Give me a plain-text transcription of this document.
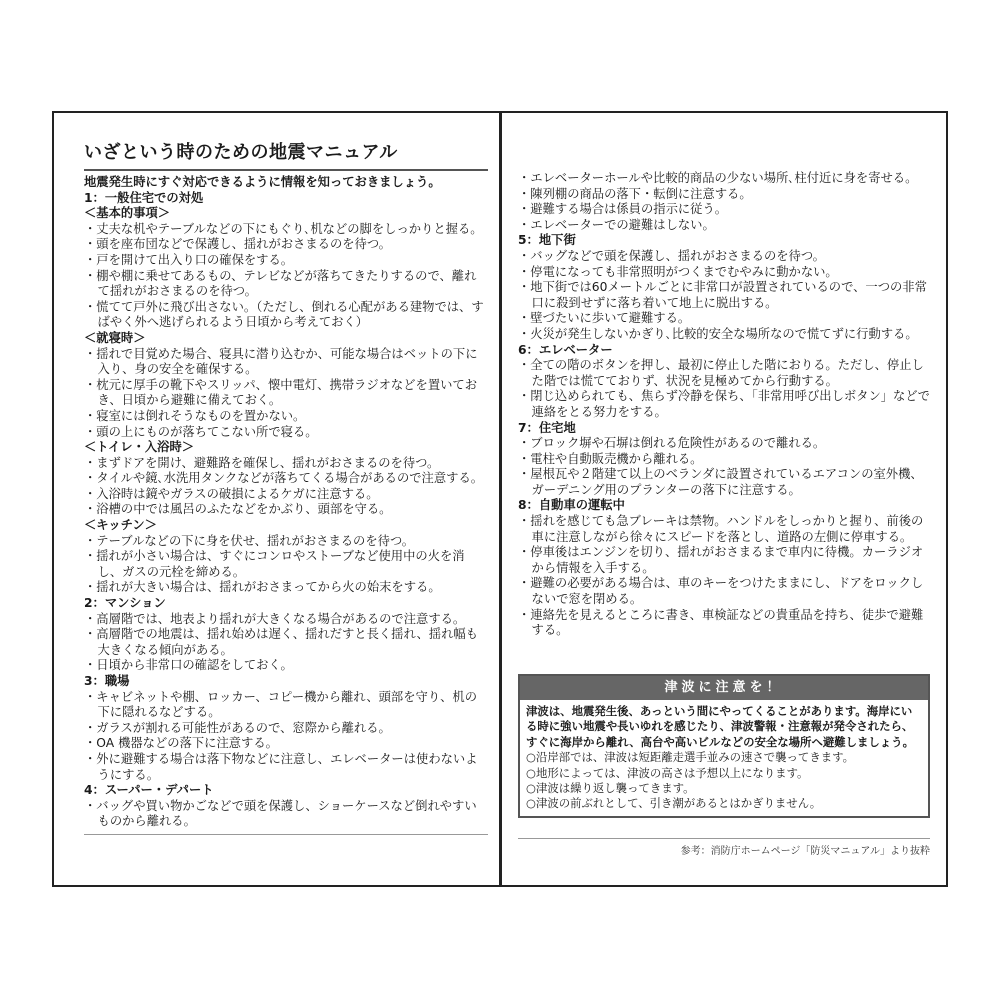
いざという時のための地震マニュアル
地震発生時にすぐ対応できるように情報を知っておきましょう。
1：一般住宅での対処
＜基本的事項＞
・丈夫な机やテーブルなどの下にもぐり､机などの脚をしっかりと握る。
・頭を座布団などで保護し、揺れがおさまるのを待つ。
・戸を開けて出入り口の確保をする。
・棚や棚に乗せてあるもの、テレビなどが落ちてきたりするので、離れて揺れがおさまるのを待つ。
・慌てて戸外に飛び出さない。（ただし、倒れる心配がある建物では、すばやく外へ逃げられるよう日頃から考えておく）
＜就寝時＞
・揺れで目覚めた場合、寝具に潜り込むか、可能な場合はベットの下に入り、身の安全を確保する。
・枕元に厚手の靴下やスリッパ、懐中電灯、携帯ラジオなどを置いておき、日頃から避難に備えておく。
・寝室には倒れそうなものを置かない。
・頭の上にものが落ちてこない所で寝る。
＜トイレ・入浴時＞
・まずドアを開け、避難路を確保し、揺れがおさまるのを待つ。
・タイルや鏡､水洗用タンクなどが落ちてくる場合があるので注意する。
・入浴時は鏡やガラスの破損によるケガに注意する。
・浴槽の中では風呂のふたなどをかぶり、頭部を守る。
＜キッチン＞
・テーブルなどの下に身を伏せ、揺れがおさまるのを待つ。
・揺れが小さい場合は、すぐにコンロやストーブなど使用中の火を消し、ガスの元栓を締める。
・揺れが大きい場合は、揺れがおさまってから火の始末をする。
2：マンション
・高層階では、地表より揺れが大きくなる場合があるので注意する。
・高層階での地震は、揺れ始めは遅く、揺れだすと長く揺れ、揺れ幅も大きくなる傾向がある。
・日頃から非常口の確認をしておく。
3：職場
・キャビネットや棚、ロッカー、コピー機から離れ、頭部を守り、机の下に隠れるなどする。
・ガラスが割れる可能性があるので、窓際から離れる。
・OA 機器などの落下に注意する。
・外に避難する場合は落下物などに注意し、エレベーターは使わないようにする。
4：スーパー・デパート
・バッグや買い物かごなどで頭を保護し、ショーケースなど倒れやすいものから離れる。
・エレベーターホールや比較的商品の少ない場所､柱付近に身を寄せる。
・陳列棚の商品の落下・転倒に注意する。
・避難する場合は係員の指示に従う。
・エレベーターでの避難はしない。
5：地下街
・バッグなどで頭を保護し、揺れがおさまるのを待つ。
・停電になっても非常照明がつくまでむやみに動かない。
・地下街では60メートルごとに非常口が設置されているので、一つの非常口に殺到せずに落ち着いて地上に脱出する。
・壁づたいに歩いて避難する。
・火災が発生しないかぎり､比較的安全な場所なので慌てずに行動する。
6：エレベーター
・全ての階のボタンを押し、最初に停止した階におりる。ただし、停止した階では慌てておりず、状況を見極めてから行動する。
・閉じ込められても、焦らず冷静を保ち、「非常用呼び出しボタン」などで連絡をとる努力をする。
7：住宅地
・ブロック塀や石塀は倒れる危険性があるので離れる。
・電柱や自動販売機から離れる。
・屋根瓦や２階建て以上のベランダに設置されているエアコンの室外機、ガーデニング用のプランターの落下に注意する。
8：自動車の運転中
・揺れを感じても急ブレーキは禁物。ハンドルをしっかりと握り、前後の車に注意しながら徐々にスピードを落とし、道路の左側に停車する。
・停車後はエンジンを切り、揺れがおさまるまで車内に待機。カーラジオから情報を入手する。
・避難の必要がある場合は、車のキーをつけたままにし、ドアをロックしないで窓を閉める。
・連絡先を見えるところに書き、車検証などの貴重品を持ち、徒歩で避難する。
津波に注意を！
津波は、地震発生後、あっという間にやってくることがあります。海岸にいる時に強い地震や長いゆれを感じたり、津波警報・注意報が発令されたら、すぐに海岸から離れ、高台や高いビルなどの安全な場所へ避難しましょう。
○沿岸部では、津波は短距離走選手並みの速さで襲ってきます。
○地形によっては、津波の高さは予想以上になります。
○津波は繰り返し襲ってきます。
○津波の前ぶれとして、引き潮があるとはかぎりません。
参考：消防庁ホームページ「防災マニュアル」より抜粋
